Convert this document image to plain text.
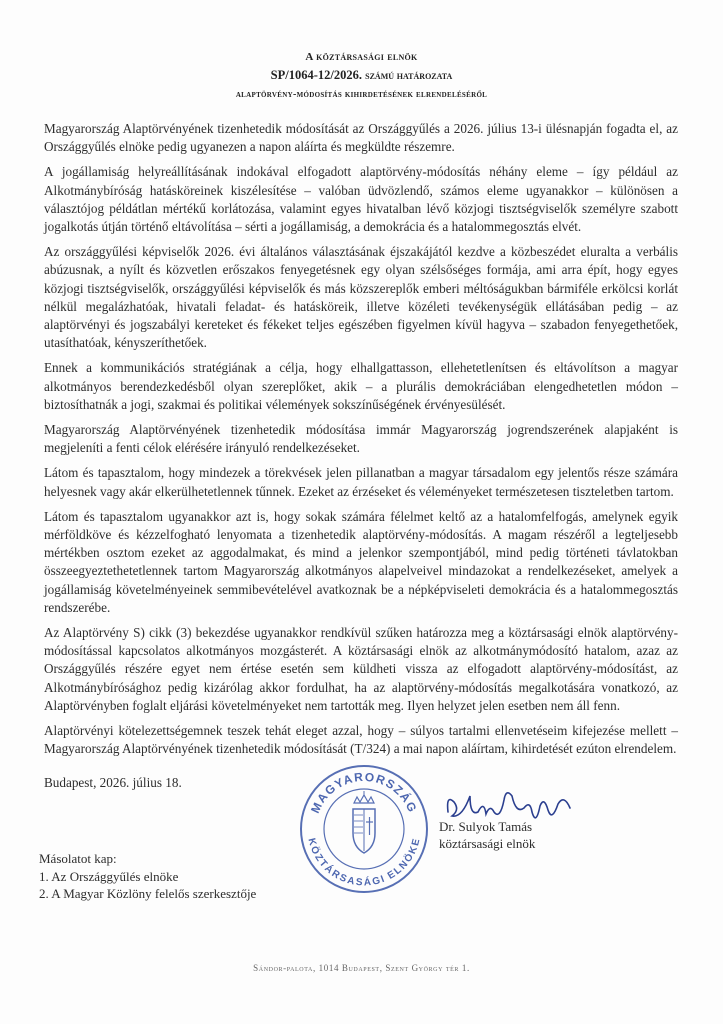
A köztársasági elnök
SP/1064-12/2026. számú határozata
alaptörvény-módosítás kihirdetésének elrendeléséről

Magyarország Alaptörvényének tizenhetedik módosítását az Országgyűlés a 2026. július 13-i ülésnapján fogadta el, az Országgyűlés elnöke pedig ugyanezen a napon aláírta és megküldte részemre.

A jogállamiság helyreállításának indokával elfogadott alaptörvény-módosítás néhány eleme – így például az Alkotmánybíróság hatásköreinek kiszélesítése – valóban üdvözlendő, számos eleme ugyanakkor – különösen a választójog példátlan mértékű korlátozása, valamint egyes hivatalban lévő közjogi tisztségviselők személyre szabott jogalkotás útján történő eltávolítása – sérti a jogállamiság, a demokrácia és a hatalommegosztás elvét.

Az országgyűlési képviselők 2026. évi általános választásának éjszakájától kezdve a közbeszédet eluralta a verbális abúzusnak, a nyílt és közvetlen erőszakos fenyegetésnek egy olyan szélsőséges formája, ami arra épít, hogy egyes közjogi tisztségviselők, országgyűlési képviselők és más közszereplők emberi méltóságukban bármiféle erkölcsi korlát nélkül megalázhatóak, hivatali feladat- és hatásköreik, illetve közéleti tevékenységük ellátásában pedig – az alaptörvényi és jogszabályi kereteket és fékeket teljes egészében figyelmen kívül hagyva – szabadon fenyegethetőek, utasíthatóak, kényszeríthetőek.

Ennek a kommunikációs stratégiának a célja, hogy elhallgattasson, ellehetetlenítsen és eltávolítson a magyar alkotmányos berendezkedésből olyan szereplőket, akik – a plurális demokráciában elengedhetetlen módon – biztosíthatnák a jogi, szakmai és politikai vélemények sokszínűségének érvényesülését.

Magyarország Alaptörvényének tizenhetedik módosítása immár Magyarország jogrendszerének alapjaként is megjeleníti a fenti célok elérésére irányuló rendelkezéseket.

Látom és tapasztalom, hogy mindezek a törekvések jelen pillanatban a magyar társadalom egy jelentős része számára helyesnek vagy akár elkerülhetetlennek tűnnek. Ezeket az érzéseket és véleményeket természetesen tiszteletben tartom.

Látom és tapasztalom ugyanakkor azt is, hogy sokak számára félelmet keltő az a hatalomfelfogás, amelynek egyik mérföldköve és kézzelfogható lenyomata a tizenhetedik alaptörvény-módosítás. A magam részéről a legteljesebb mértékben osztom ezeket az aggodalmakat, és mind a jelenkor szempontjából, mind pedig történeti távlatokban összeegyeztethetetlennek tartom Magyarország alkotmányos alapelveivel mindazokat a rendelkezéseket, amelyek a jogállamiság követelményeinek semmibevételével avatkoznak be a népképviseleti demokrácia és a hatalommegosztás rendszerébe.

Az Alaptörvény S) cikk (3) bekezdése ugyanakkor rendkívül szűken határozza meg a köztársasági elnök alaptörvény-módosítással kapcsolatos alkotmányos mozgásterét. A köztársasági elnök az alkotmánymódosító hatalom, azaz az Országgyűlés részére egyet nem értése esetén sem küldheti vissza az elfogadott alaptörvény-módosítást, az Alkotmánybírósághoz pedig kizárólag akkor fordulhat, ha az alaptörvény-módosítás megalkotására vonatkozó, az Alaptörvényben foglalt eljárási követelményeket nem tartották meg. Ilyen helyzet jelen esetben nem áll fenn.

Alaptörvényi kötelezettségemnek teszek tehát eleget azzal, hogy – súlyos tartalmi ellenvetéseim kifejezése mellett – Magyarország Alaptörvényének tizenhetedik módosítását (T/324) a mai napon aláírtam, kihirdetését ezúton elrendelem.

Budapest, 2026. július 18.
MAGYARORSZÁG
KÖZTÁRSASÁGI ELNÖKE
Dr. Sulyok Tamás
köztársasági elnök
Másolatot kap:
1. Az Országgyűlés elnöke
2. A Magyar Közlöny felelős szerkesztője
Sándor-palota, 1014 Budapest, Szent György tér 1.
